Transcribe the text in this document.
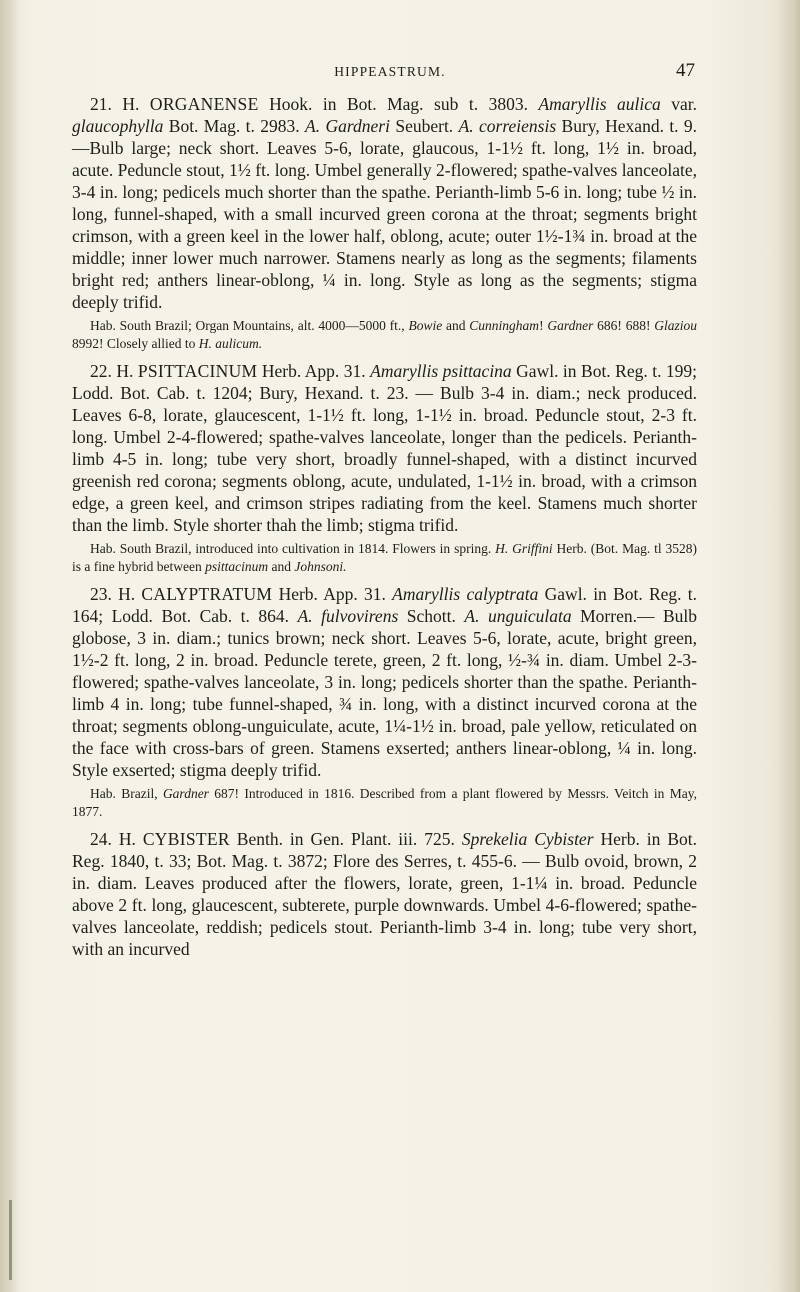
HIPPEASTRUM.	47

21. H. ORGANENSE Hook. in Bot. Mag. sub t. 3803. Amaryllis aulica var. glaucophylla Bot. Mag. t. 2983. A. Gardneri Seubert. A. correiensis Bury, Hexand. t. 9.—Bulb large; neck short. Leaves 5-6, lorate, glaucous, 1-1½ ft. long, 1½ in. broad, acute. Peduncle stout, 1½ ft. long. Umbel generally 2-flowered; spathe-valves lanceolate, 3-4 in. long; pedicels much shorter than the spathe. Perianth-limb 5-6 in. long; tube ½ in. long, funnel-shaped, with a small incurved green corona at the throat; segments bright crimson, with a green keel in the lower half, oblong, acute; outer 1½-1¾ in. broad at the middle; inner lower much narrower. Stamens nearly as long as the segments; filaments bright red; anthers linear-oblong, ¼ in. long. Style as long as the segments; stigma deeply trifid.

Hab. South Brazil; Organ Mountains, alt. 4000—5000 ft., Bowie and Cunningham! Gardner 686! 688! Glaziou 8992! Closely allied to H. aulicum.

22. H. PSITTACINUM Herb. App. 31. Amaryllis psittacina Gawl. in Bot. Reg. t. 199; Lodd. Bot. Cab. t. 1204; Bury, Hexand. t. 23. — Bulb 3-4 in. diam.; neck produced. Leaves 6-8, lorate, glaucescent, 1-1½ ft. long, 1-1½ in. broad. Peduncle stout, 2-3 ft. long. Umbel 2-4-flowered; spathe-valves lanceolate, longer than the pedicels. Perianth-limb 4-5 in. long; tube very short, broadly funnel-shaped, with a distinct incurved greenish red corona; segments oblong, acute, undulated, 1-1½ in. broad, with a crimson edge, a green keel, and crimson stripes radiating from the keel. Stamens much shorter than the limb. Style shorter thah the limb; stigma trifid.

Hab. South Brazil, introduced into cultivation in 1814. Flowers in spring. H. Griffini Herb. (Bot. Mag. tl 3528) is a fine hybrid between psittacinum and Johnsoni.

23. H. CALYPTRATUM Herb. App. 31. Amaryllis calyptrata Gawl. in Bot. Reg. t. 164; Lodd. Bot. Cab. t. 864. A. fulvovirens Schott. A. unguiculata Morren.— Bulb globose, 3 in. diam.; tunics brown; neck short. Leaves 5-6, lorate, acute, bright green, 1½-2 ft. long, 2 in. broad. Peduncle terete, green, 2 ft. long, ½-¾ in. diam. Umbel 2-3-flowered; spathe-valves lanceolate, 3 in. long; pedicels shorter than the spathe. Perianth-limb 4 in. long; tube funnel-shaped, ¾ in. long, with a distinct incurved corona at the throat; segments oblong-unguiculate, acute, 1¼-1½ in. broad, pale yellow, reticulated on the face with cross-bars of green. Stamens exserted; anthers linear-oblong, ¼ in. long. Style exserted; stigma deeply trifid.

Hab. Brazil, Gardner 687! Introduced in 1816. Described from a plant flowered by Messrs. Veitch in May, 1877.

24. H. CYBISTER Benth. in Gen. Plant. iii. 725. Sprekelia Cybister Herb. in Bot. Reg. 1840, t. 33; Bot. Mag. t. 3872; Flore des Serres, t. 455-6. — Bulb ovoid, brown, 2 in. diam. Leaves produced after the flowers, lorate, green, 1-1¼ in. broad. Peduncle above 2 ft. long, glaucescent, subterete, purple downwards. Umbel 4-6-flowered; spathe-valves lanceolate, reddish; pedicels stout. Perianth-limb 3-4 in. long; tube very short, with an incurved
